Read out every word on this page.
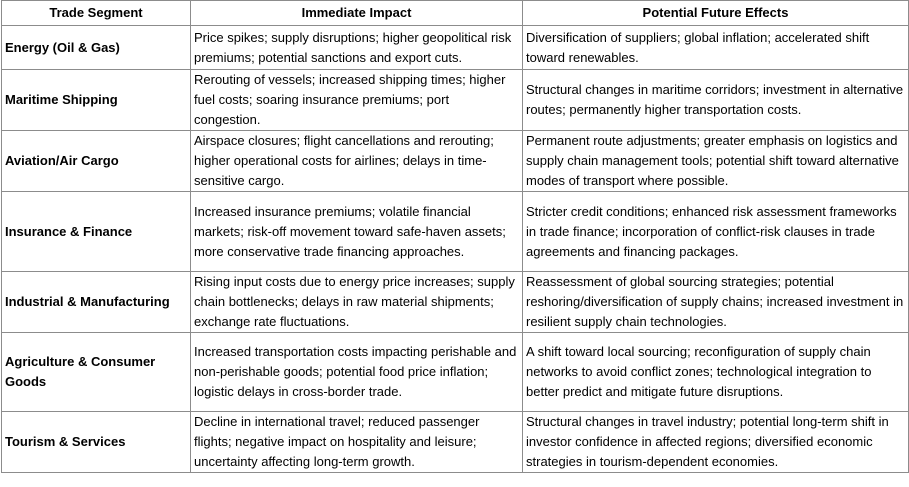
Trade Segment	Immediate Impact	Potential Future Effects
Energy (Oil & Gas)	Price spikes; supply disruptions; higher geopolitical risk premiums; potential sanctions and export cuts.	Diversification of suppliers; global inflation; accelerated shift toward renewables.
Maritime Shipping	Rerouting of vessels; increased shipping times; higher fuel costs; soaring insurance premiums; port congestion.	Structural changes in maritime corridors; investment in alternative routes; permanently higher transportation costs.
Aviation/Air Cargo	Airspace closures; flight cancellations and rerouting; higher operational costs for airlines; delays in time-sensitive cargo.	Permanent route adjustments; greater emphasis on logistics and supply chain management tools; potential shift toward alternative modes of transport where possible.
Insurance & Finance	Increased insurance premiums; volatile financial markets; risk-off movement toward safe-haven assets; more conservative trade financing approaches.	Stricter credit conditions; enhanced risk assessment frameworks in trade finance; incorporation of conflict-risk clauses in trade agreements and financing packages.
Industrial & Manufacturing	Rising input costs due to energy price increases; supply chain bottlenecks; delays in raw material shipments; exchange rate fluctuations.	Reassessment of global sourcing strategies; potential reshoring/diversification of supply chains; increased investment in resilient supply chain technologies.
Agriculture & Consumer Goods	Increased transportation costs impacting perishable and non-perishable goods; potential food price inflation; logistic delays in cross-border trade.	A shift toward local sourcing; reconfiguration of supply chain networks to avoid conflict zones; technological integration to better predict and mitigate future disruptions.
Tourism & Services	Decline in international travel; reduced passenger flights; negative impact on hospitality and leisure; uncertainty affecting long-term growth.	Structural changes in travel industry; potential long-term shift in investor confidence in affected regions; diversified economic strategies in tourism-dependent economies.
